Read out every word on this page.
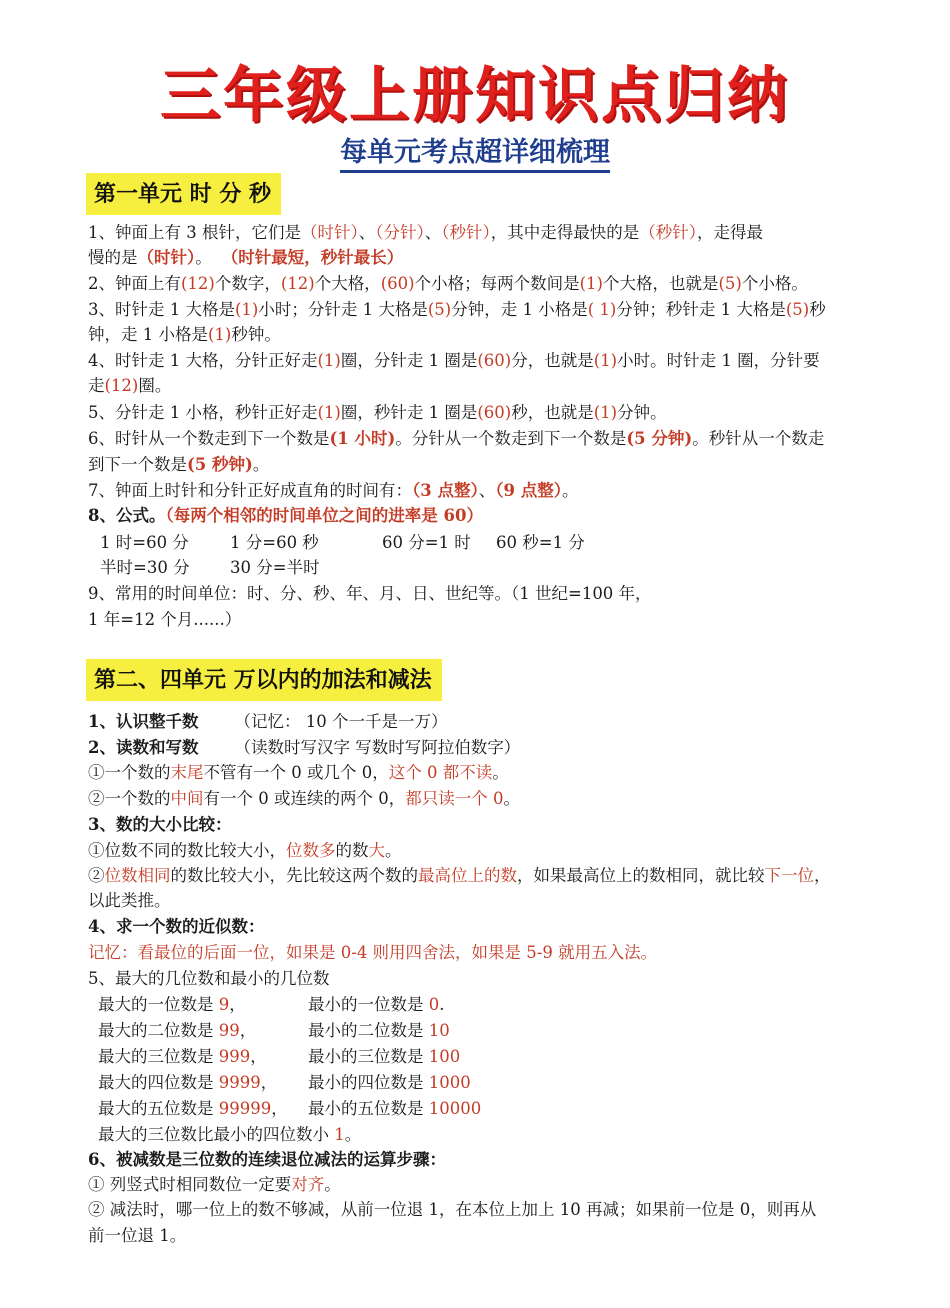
三年级上册知识点归纳
每单元考点超详细梳理
第一单元 时 分 秒
1、钟面上有 3 根针，它们是（时针）、（分针）、（秒针），其中走得最快的是（秒针），走得最
慢的是（时针）。 （时针最短，秒针最长）
2、钟面上有(12)个数字，(12)个大格，(60)个小格；每两个数间是(1)个大格，也就是(5)个小格。
3、时针走 1 大格是(1)小时；分针走 1 大格是(5)分钟，走 1 小格是( 1)分钟；秒针走 1 大格是(5)秒
钟，走 1 小格是(1)秒钟。
4、时针走 1 大格，分针正好走(1)圈，分针走 1 圈是(60)分，也就是(1)小时。时针走 1 圈，分针要
走(12)圈。
5、分针走 1 小格，秒针正好走(1)圈，秒针走 1 圈是(60)秒，也就是(1)分钟。
6、时针从一个数走到下一个数是(1 小时)。分针从一个数走到下一个数是(5 分钟)。秒针从一个数走
到下一个数是(5 秒钟)。
7、钟面上时针和分针正好成直角的时间有：（3 点整）、（9 点整）。
8、公式。（每两个相邻的时间单位之间的进率是 60）
1 时=60 分 1 分=60 秒	60 分=1 时 60 秒=1 分
半时=30 分 30 分=半时
9、常用的时间单位：时、分、秒、年、月、日、世纪等。（1 世纪=100 年，
1 年=12 个月......）
第二、四单元 万以内的加法和减法
1、认识整千数 （记忆： 10 个一千是一万）
2、读数和写数 （读数时写汉字 写数时写阿拉伯数字）
①一个数的末尾不管有一个 0 或几个 0，这个 0 都不读。
②一个数的中间有一个 0 或连续的两个 0，都只读一个 0。
3、数的大小比较：
①位数不同的数比较大小，位数多的数大。
②位数相同的数比较大小，先比较这两个数的最高位上的数，如果最高位上的数相同，就比较下一位，
以此类推。
4、求一个数的近似数：
记忆：看最位的后面一位，如果是 0-4 则用四舍法，如果是 5-9 就用五入法。
5、最大的几位数和最小的几位数
最大的一位数是 9，	最小的一位数是 0.
最大的二位数是 99，	最小的二位数是 10
最大的三位数是 999，	最小的三位数是 100
最大的四位数是 9999， 最小的四位数是 1000
最大的五位数是 99999， 最小的五位数是 10000
最大的三位数比最小的四位数小 1。
6、被减数是三位数的连续退位减法的运算步骤：
① 列竖式时相同数位一定要对齐。
② 减法时，哪一位上的数不够减，从前一位退 1，在本位上加上 10 再减；如果前一位是 0，则再从
前一位退 1。
